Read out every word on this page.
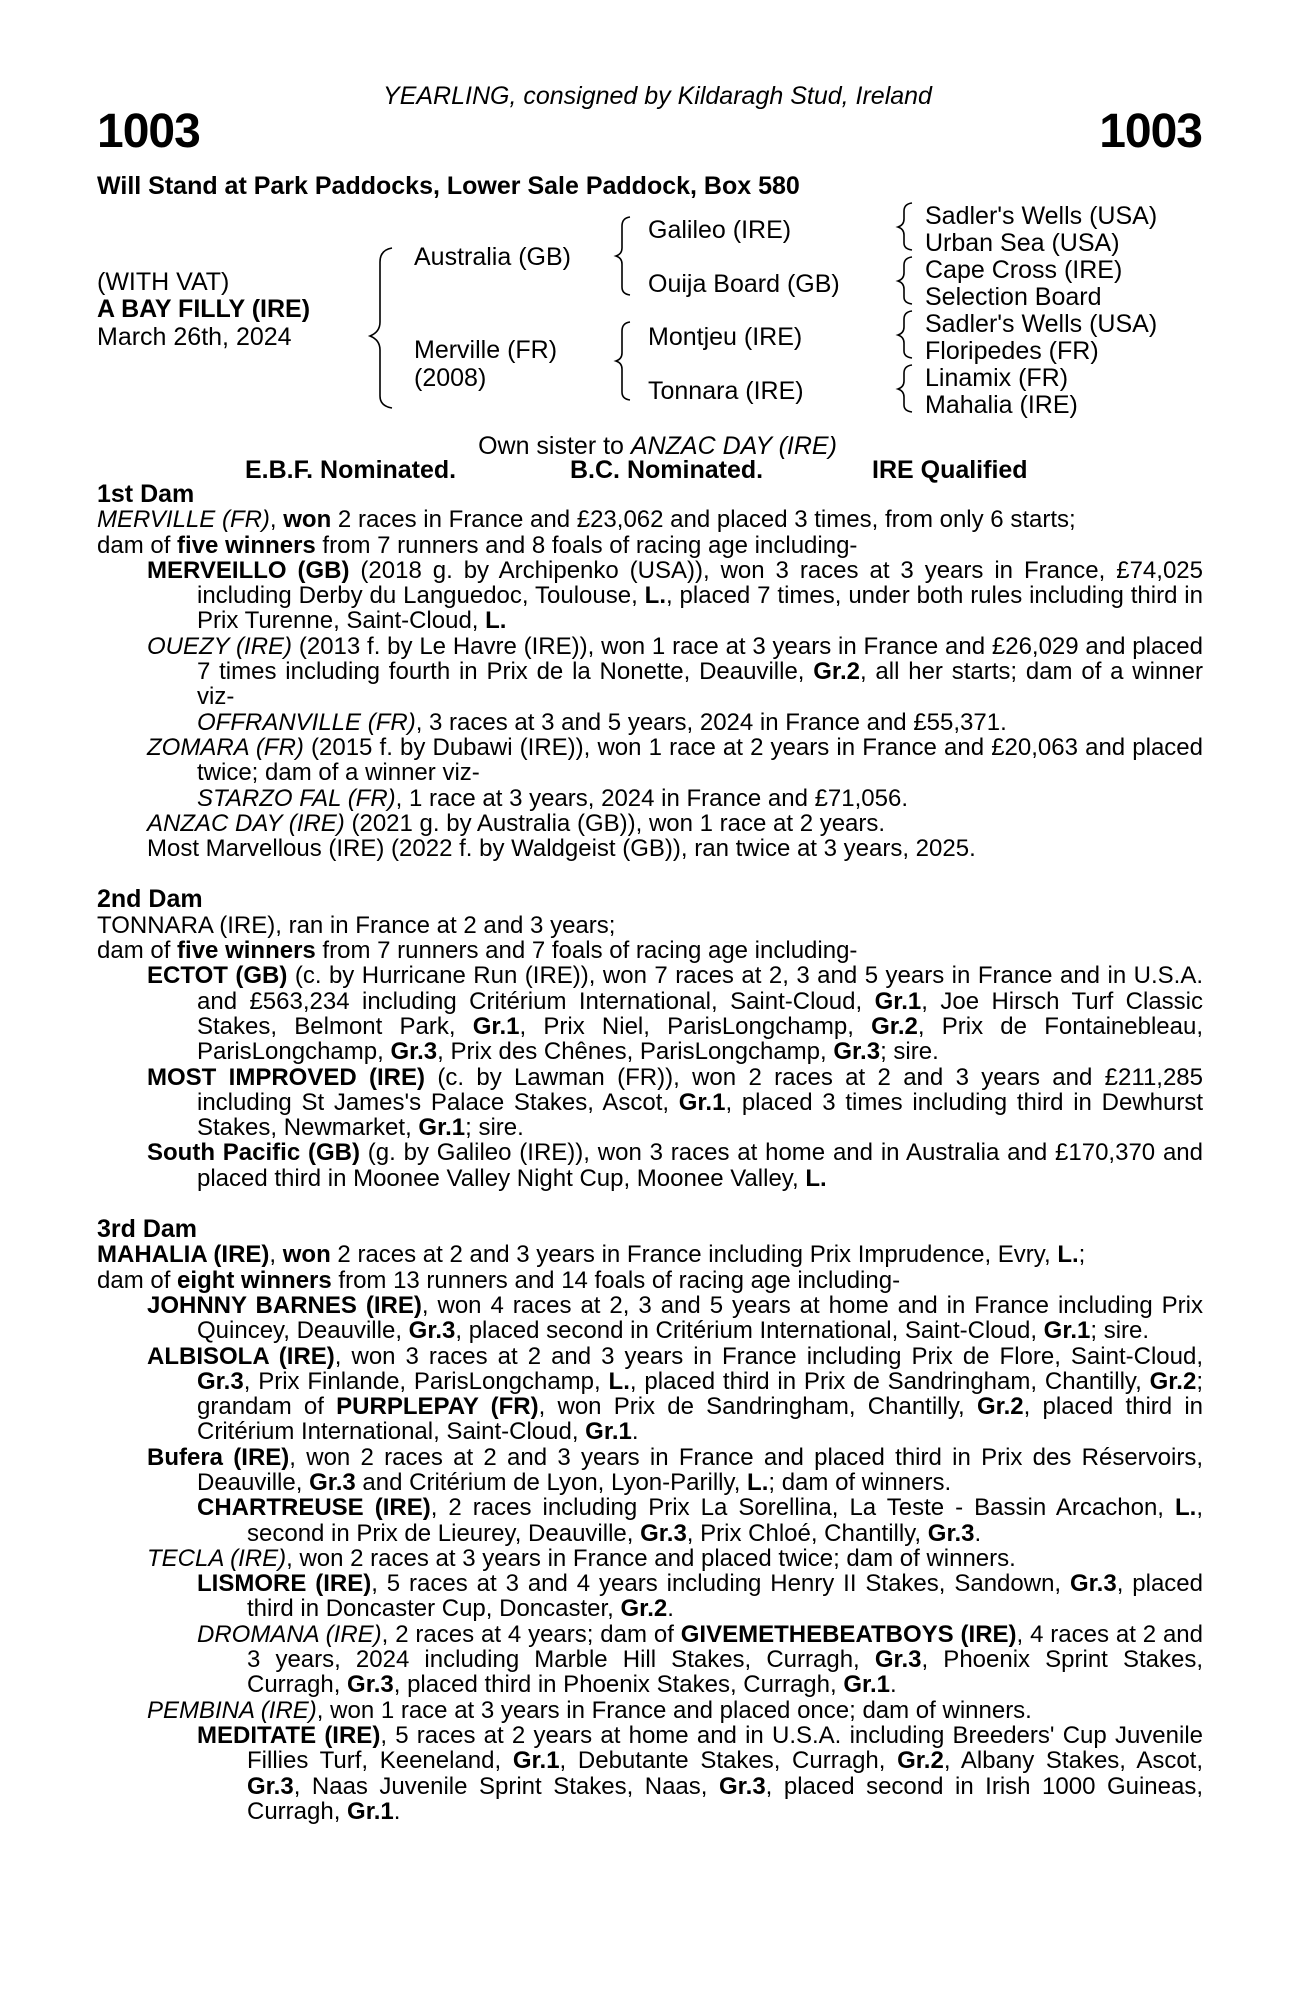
YEARLING, consigned by Kildaragh Stud, Ireland
1003	1003
Will Stand at Park Paddocks, Lower Sale Paddock, Box 580
(WITH VAT)
A BAY FILLY (IRE)
March 26th, 2024
Australia (GB)
Merville (FR)
(2008)
Galileo (IRE)
Ouija Board (GB)
Montjeu (IRE)
Tonnara (IRE)
Sadler's Wells (USA)
Urban Sea (USA)
Cape Cross (IRE)
Selection Board
Sadler's Wells (USA)
Floripedes (FR)
Linamix (FR)
Mahalia (IRE)
Own sister to ANZAC DAY (IRE)
E.B.F. Nominated.	B.C. Nominated.	IRE Qualified

1st Dam

MERVILLE (FR), won 2 races in France and £23,062 and placed 3 times, from only 6 starts;

dam of five winners from 7 runners and 8 foals of racing age including-

MERVEILLO (GB) (2018 g. by Archipenko (USA)), won 3 races at 3 years in France, £74,025 including Derby du Languedoc, Toulouse, L., placed 7 times, under both rules including third in Prix Turenne, Saint-Cloud, L.

OUEZY (IRE) (2013 f. by Le Havre (IRE)), won 1 race at 3 years in France and £26,029 and placed 7 times including fourth in Prix de la Nonette, Deauville, Gr.2, all her starts; dam of a winner viz-

OFFRANVILLE (FR), 3 races at 3 and 5 years, 2024 in France and £55,371.

ZOMARA (FR) (2015 f. by Dubawi (IRE)), won 1 race at 2 years in France and £20,063 and placed twice; dam of a winner viz-

STARZO FAL (FR), 1 race at 3 years, 2024 in France and £71,056.

ANZAC DAY (IRE) (2021 g. by Australia (GB)), won 1 race at 2 years.

Most Marvellous (IRE) (2022 f. by Waldgeist (GB)), ran twice at 3 years, 2025.

2nd Dam

TONNARA (IRE), ran in France at 2 and 3 years;

dam of five winners from 7 runners and 7 foals of racing age including-

ECTOT (GB) (c. by Hurricane Run (IRE)), won 7 races at 2, 3 and 5 years in France and in U.S.A. and £563,234 including Critérium International, Saint-Cloud, Gr.1, Joe Hirsch Turf Classic Stakes, Belmont Park, Gr.1, Prix Niel, ParisLongchamp, Gr.2, Prix de Fontainebleau, ParisLongchamp, Gr.3, Prix des Chênes, ParisLongchamp, Gr.3; sire.

MOST IMPROVED (IRE) (c. by Lawman (FR)), won 2 races at 2 and 3 years and £211,285 including St James's Palace Stakes, Ascot, Gr.1, placed 3 times including third in Dewhurst Stakes, Newmarket, Gr.1; sire.

South Pacific (GB) (g. by Galileo (IRE)), won 3 races at home and in Australia and £170,370 and placed third in Moonee Valley Night Cup, Moonee Valley, L.

3rd Dam

MAHALIA (IRE), won 2 races at 2 and 3 years in France including Prix Imprudence, Evry, L.;

dam of eight winners from 13 runners and 14 foals of racing age including-

JOHNNY BARNES (IRE), won 4 races at 2, 3 and 5 years at home and in France including Prix Quincey, Deauville, Gr.3, placed second in Critérium International, Saint-Cloud, Gr.1; sire.

ALBISOLA (IRE), won 3 races at 2 and 3 years in France including Prix de Flore, Saint-Cloud, Gr.3, Prix Finlande, ParisLongchamp, L., placed third in Prix de Sandringham, Chantilly, Gr.2; grandam of PURPLEPAY (FR), won Prix de Sandringham, Chantilly, Gr.2, placed third in Critérium International, Saint-Cloud, Gr.1.

Bufera (IRE), won 2 races at 2 and 3 years in France and placed third in Prix des Réservoirs, Deauville, Gr.3 and Critérium de Lyon, Lyon-Parilly, L.; dam of winners.

CHARTREUSE (IRE), 2 races including Prix La Sorellina, La Teste - Bassin Arcachon, L., second in Prix de Lieurey, Deauville, Gr.3, Prix Chloé, Chantilly, Gr.3.

TECLA (IRE), won 2 races at 3 years in France and placed twice; dam of winners.

LISMORE (IRE), 5 races at 3 and 4 years including Henry II Stakes, Sandown, Gr.3, placed third in Doncaster Cup, Doncaster, Gr.2.

DROMANA (IRE), 2 races at 4 years; dam of GIVEMETHEBEATBOYS (IRE), 4 races at 2 and 3 years, 2024 including Marble Hill Stakes, Curragh, Gr.3, Phoenix Sprint Stakes, Curragh, Gr.3, placed third in Phoenix Stakes, Curragh, Gr.1.

PEMBINA (IRE), won 1 race at 3 years in France and placed once; dam of winners.

MEDITATE (IRE), 5 races at 2 years at home and in U.S.A. including Breeders' Cup Juvenile Fillies Turf, Keeneland, Gr.1, Debutante Stakes, Curragh, Gr.2, Albany Stakes, Ascot, Gr.3, Naas Juvenile Sprint Stakes, Naas, Gr.3, placed second in Irish 1000 Guineas, Curragh, Gr.1.
